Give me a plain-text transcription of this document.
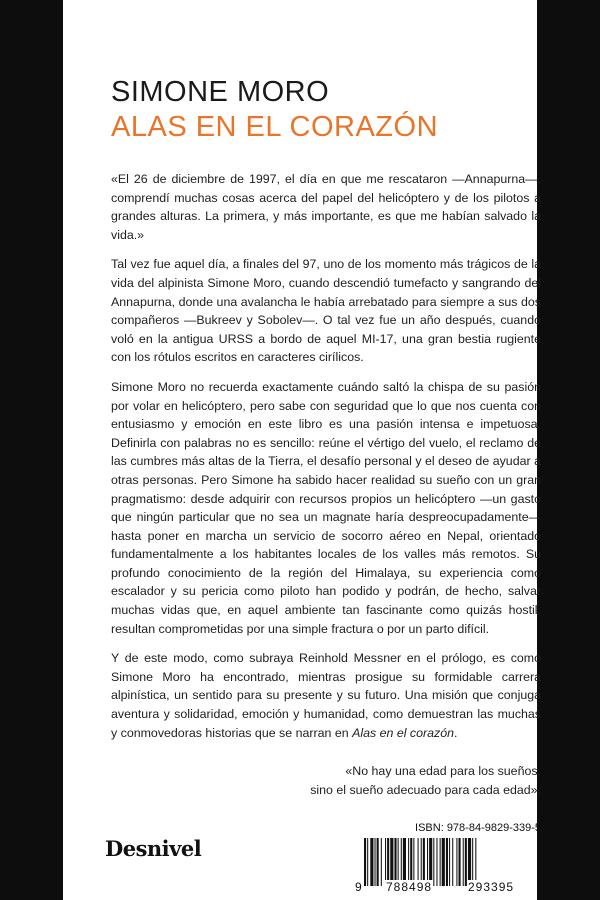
SIMONE MORO
ALAS EN EL CORAZÓN

«El 26 de diciembre de 1997, el día en que me rescataron —Annapurna—, comprendí muchas cosas acerca del papel del helicóptero y de los pilotos a grandes alturas. La primera, y más importante, es que me habían salvado la vida.»

Tal vez fue aquel día, a finales del 97, uno de los momento más trágicos de la vida del alpinista Simone Moro, cuando descendió tumefacto y sangrando del Annapurna, donde una avalancha le había arrebatado para siempre a sus dos compañeros —Bukreev y Sobolev—. O tal vez fue un año después, cuando voló en la antigua URSS a bordo de aquel MI-17, una gran bestia rugiente con los rótulos escritos en caracteres cirílicos.

Simone Moro no recuerda exactamente cuándo saltó la chispa de su pasión por volar en helicóptero, pero sabe con seguridad que lo que nos cuenta con entusiasmo y emoción en este libro es una pasión intensa e impetuosa. Definirla con palabras no es sencillo: reúne el vértigo del vuelo, el reclamo de las cumbres más altas de la Tierra, el desafío personal y el deseo de ayudar a otras personas. Pero Simone ha sabido hacer realidad su sueño con un gran pragmatismo: desde adquirir con recursos propios un helicóptero —un gasto que ningún particular que no sea un magnate haría despreocupadamente— hasta poner en marcha un servicio de socorro aéreo en Nepal, orientado fundamentalmente a los habitantes locales de los valles más remotos. Su profundo conocimiento de la región del Himalaya, su experiencia como escalador y su pericia como piloto han podido y podrán, de hecho, salvar muchas vidas que, en aquel ambiente tan fascinante como quizás hostil, resultan comprometidas por una simple fractura o por un parto difícil.

Y de este modo, como subraya Reinhold Messner en el prólogo, es como Simone Moro ha encontrado, mientras prosigue su formidable carrera alpinística, un sentido para su presente y su futuro. Una misión que conjuga aventura y solidaridad, emoción y humanidad, como demuestran las muchas y conmovedoras historias que se narran en Alas en el corazón.

«No hay una edad para los sueños,
sino el sueño adecuado para cada edad».
Desnivel
ISBN: 978-84-9829-339-5
9 788498	293395
